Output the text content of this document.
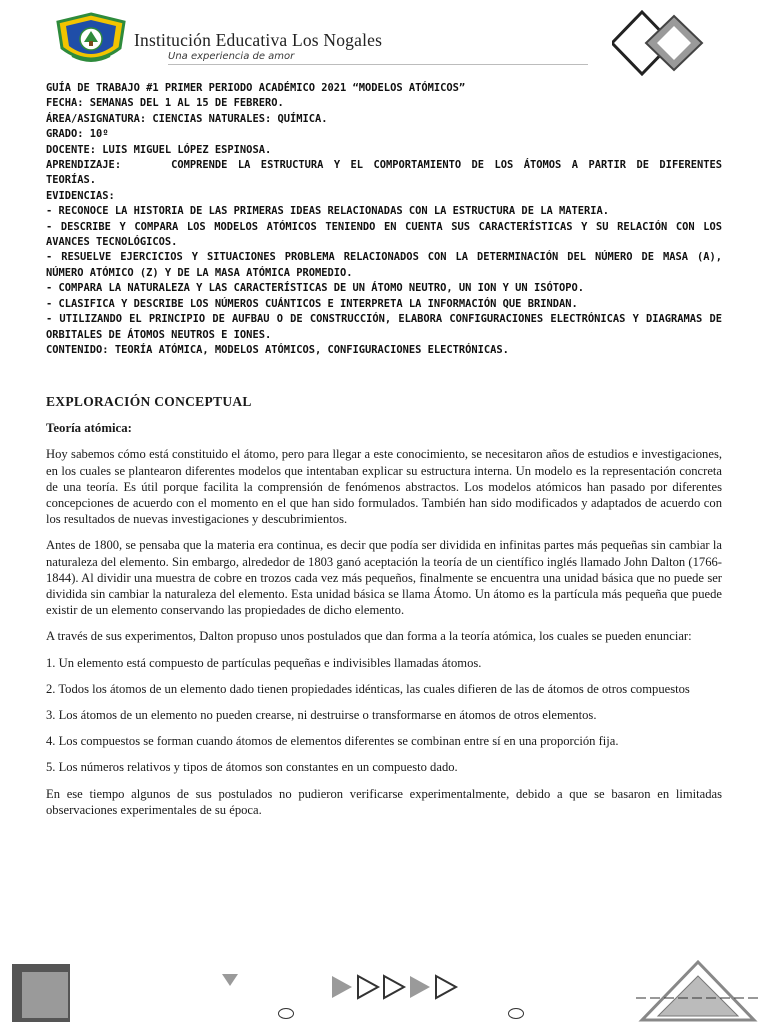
Institución Educativa Los Nogales
Una experiencia de amor

GUÍA DE TRABAJO #1 PRIMER PERIODO ACADÉMICO 2021 “MODELOS ATÓMICOS”

FECHA: SEMANAS DEL 1 AL 15 DE FEBRERO.

ÁREA/ASIGNATURA: CIENCIAS NATURALES: QUÍMICA.

GRADO: 10º

DOCENTE: LUIS MIGUEL LÓPEZ ESPINOSA.

APRENDIZAJE:	COMPRENDE LA ESTRUCTURA Y EL COMPORTAMIENTO DE LOS ÁTOMOS A PARTIR DE DIFERENTES TEORÍAS.

EVIDENCIAS:

- RECONOCE LA HISTORIA DE LAS PRIMERAS IDEAS RELACIONADAS CON LA ESTRUCTURA DE LA MATERIA.

- DESCRIBE Y COMPARA LOS MODELOS ATÓMICOS TENIENDO EN CUENTA SUS CARACTERÍSTICAS Y SU RELACIÓN CON LOS AVANCES TECNOLÓGICOS.

- RESUELVE EJERCICIOS Y SITUACIONES PROBLEMA RELACIONADOS CON LA DETERMINACIÓN DEL NÚMERO DE MASA (A), NÚMERO ATÓMICO (Z) Y DE LA MASA ATÓMICA PROMEDIO.

- COMPARA LA NATURALEZA Y LAS CARACTERÍSTICAS DE UN ÁTOMO NEUTRO, UN ION Y UN ISÓTOPO.

- CLASIFICA Y DESCRIBE LOS NÚMEROS CUÁNTICOS E INTERPRETA LA INFORMACIÓN QUE BRINDAN.

- UTILIZANDO EL PRINCIPIO DE AUFBAU O DE CONSTRUCCIÓN, ELABORA CONFIGURACIONES ELECTRÓNICAS Y DIAGRAMAS DE ORBITALES DE ÁTOMOS NEUTROS E IONES.

CONTENIDO: TEORÍA ATÓMICA, MODELOS ATÓMICOS, CONFIGURACIONES ELECTRÓNICAS.

EXPLORACIÓN CONCEPTUAL
Teoría atómica:

Hoy sabemos cómo está constituido el átomo, pero para llegar a este conocimiento, se necesitaron años de estudios e investigaciones, en los cuales se plantearon diferentes modelos que intentaban explicar su estructura interna. Un modelo es la representación concreta de una teoría. Es útil porque facilita la comprensión de fenómenos abstractos. Los modelos atómicos han pasado por diferentes concepciones de acuerdo con el momento en el que han sido formulados. También han sido modificados y adaptados de acuerdo con los resultados de nuevas investigaciones y descubrimientos.

Antes de 1800, se pensaba que la materia era continua, es decir que podía ser dividida en infinitas partes más pequeñas sin cambiar la naturaleza del elemento. Sin embargo, alrededor de 1803 ganó aceptación la teoría de un científico inglés llamado John Dalton (1766-1844). Al dividir una muestra de cobre en trozos cada vez más pequeños, finalmente se encuentra una unidad básica que no puede ser dividida sin cambiar la naturaleza del elemento. Esta unidad básica se llama Átomo. Un átomo es la partícula más pequeña que puede existir de un elemento conservando las propiedades de dicho elemento.

A través de sus experimentos, Dalton propuso unos postulados que dan forma a la teoría atómica, los cuales se pueden enunciar:

1. Un elemento está compuesto de partículas pequeñas e indivisibles llamadas átomos.

2. Todos los átomos de un elemento dado tienen propiedades idénticas, las cuales difieren de las de átomos de otros compuestos

3. Los átomos de un elemento no pueden crearse, ni destruirse o transformarse en átomos de otros elementos.

4. Los compuestos se forman cuando átomos de elementos diferentes se combinan entre sí en una proporción fija.

5. Los números relativos y tipos de átomos son constantes en un compuesto dado.

En ese tiempo algunos de sus postulados no pudieron verificarse experimentalmente, debido a que se basaron en limitadas observaciones experimentales de su época.
